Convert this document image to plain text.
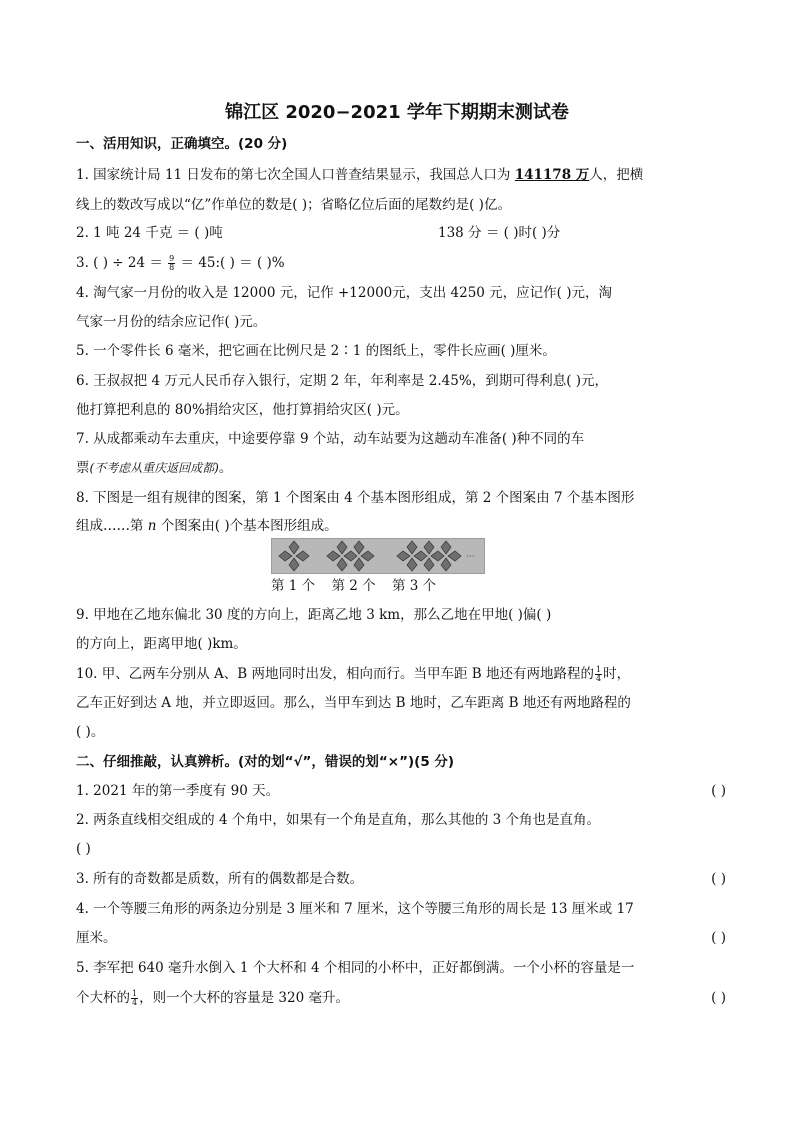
锦江区 2020−2021 学年下期期末测试卷
一、活用知识，正确填空。(20 分)
1. 国家统计局 11 日发布的第七次全国人口普查结果显示，我国总人口为 141178 万人，把横
线上的数改写成以“亿”作单位的数是( )；省略亿位后面的尾数约是( )亿。
2. 1 吨 24 千克 ＝ ( )吨	138 分 ＝ ( )时( )分
3. ( ) ÷ $24 = \frac{9}{8}$ ＝ 45:( ) ＝ ( )%
4. 淘气家一月份的收入是 12000 元，记作 +12000元，支出 4250 元，应记作( )元，淘
气家一月份的结余应记作( )元。
5. 一个零件长 6 毫米，把它画在比例尺是 2∶1 的图纸上，零件长应画( )厘米。
6. 王叔叔把 4 万元人民币存入银行，定期 2 年，年利率是 2.45%，到期可得利息( )元，
他打算把利息的 80%捐给灾区，他打算捐给灾区( )元。
7. 从成都乘动车去重庆，中途要停靠 9 个站，动车站要为这趟动车准备( )种不同的车
票(不考虑从重庆返回成都)。
8. 下图是一组有规律的图案，第 1 个图案由 4 个基本图形组成，第 2 个图案由 7 个基本图形
组成……第 n 个图案由( )个基本图形组成。
···
第 1 个 第 2 个 第 3 个
9. 甲地在乙地东偏北 30 度的方向上，距离乙地 3 km，那么乙地在甲地( )偏( )
的方向上，距离甲地( )km。
10. 甲、乙两车分别从 A、B 两地同时出发，相向而行。当甲车距 B 地还有两地路程的 $\frac{1}{4}$ 时，
乙车正好到达 A 地，并立即返回。那么，当甲车到达 B 地时，乙车距离 B 地还有两地路程的
( )。
二、仔细推敲，认真辨析。(对的划“√”，错误的划“×”)(5 分)
1. 2021 年的第一季度有 90 天。	( )
2. 两条直线相交组成的 4 个角中，如果有一个角是直角，那么其他的 3 个角也是直角。
( )
3. 所有的奇数都是质数，所有的偶数都是合数。	( )
4. 一个等腰三角形的两条边分别是 3 厘米和 7 厘米，这个等腰三角形的周长是 13 厘米或 17
厘米。	( )
5. 李军把 640 毫升水倒入 1 个大杯和 4 个相同的小杯中，正好都倒满。一个小杯的容量是一
个大杯的 $\frac{1}{4}$ ，则一个大杯的容量是 320 毫升。	( )
